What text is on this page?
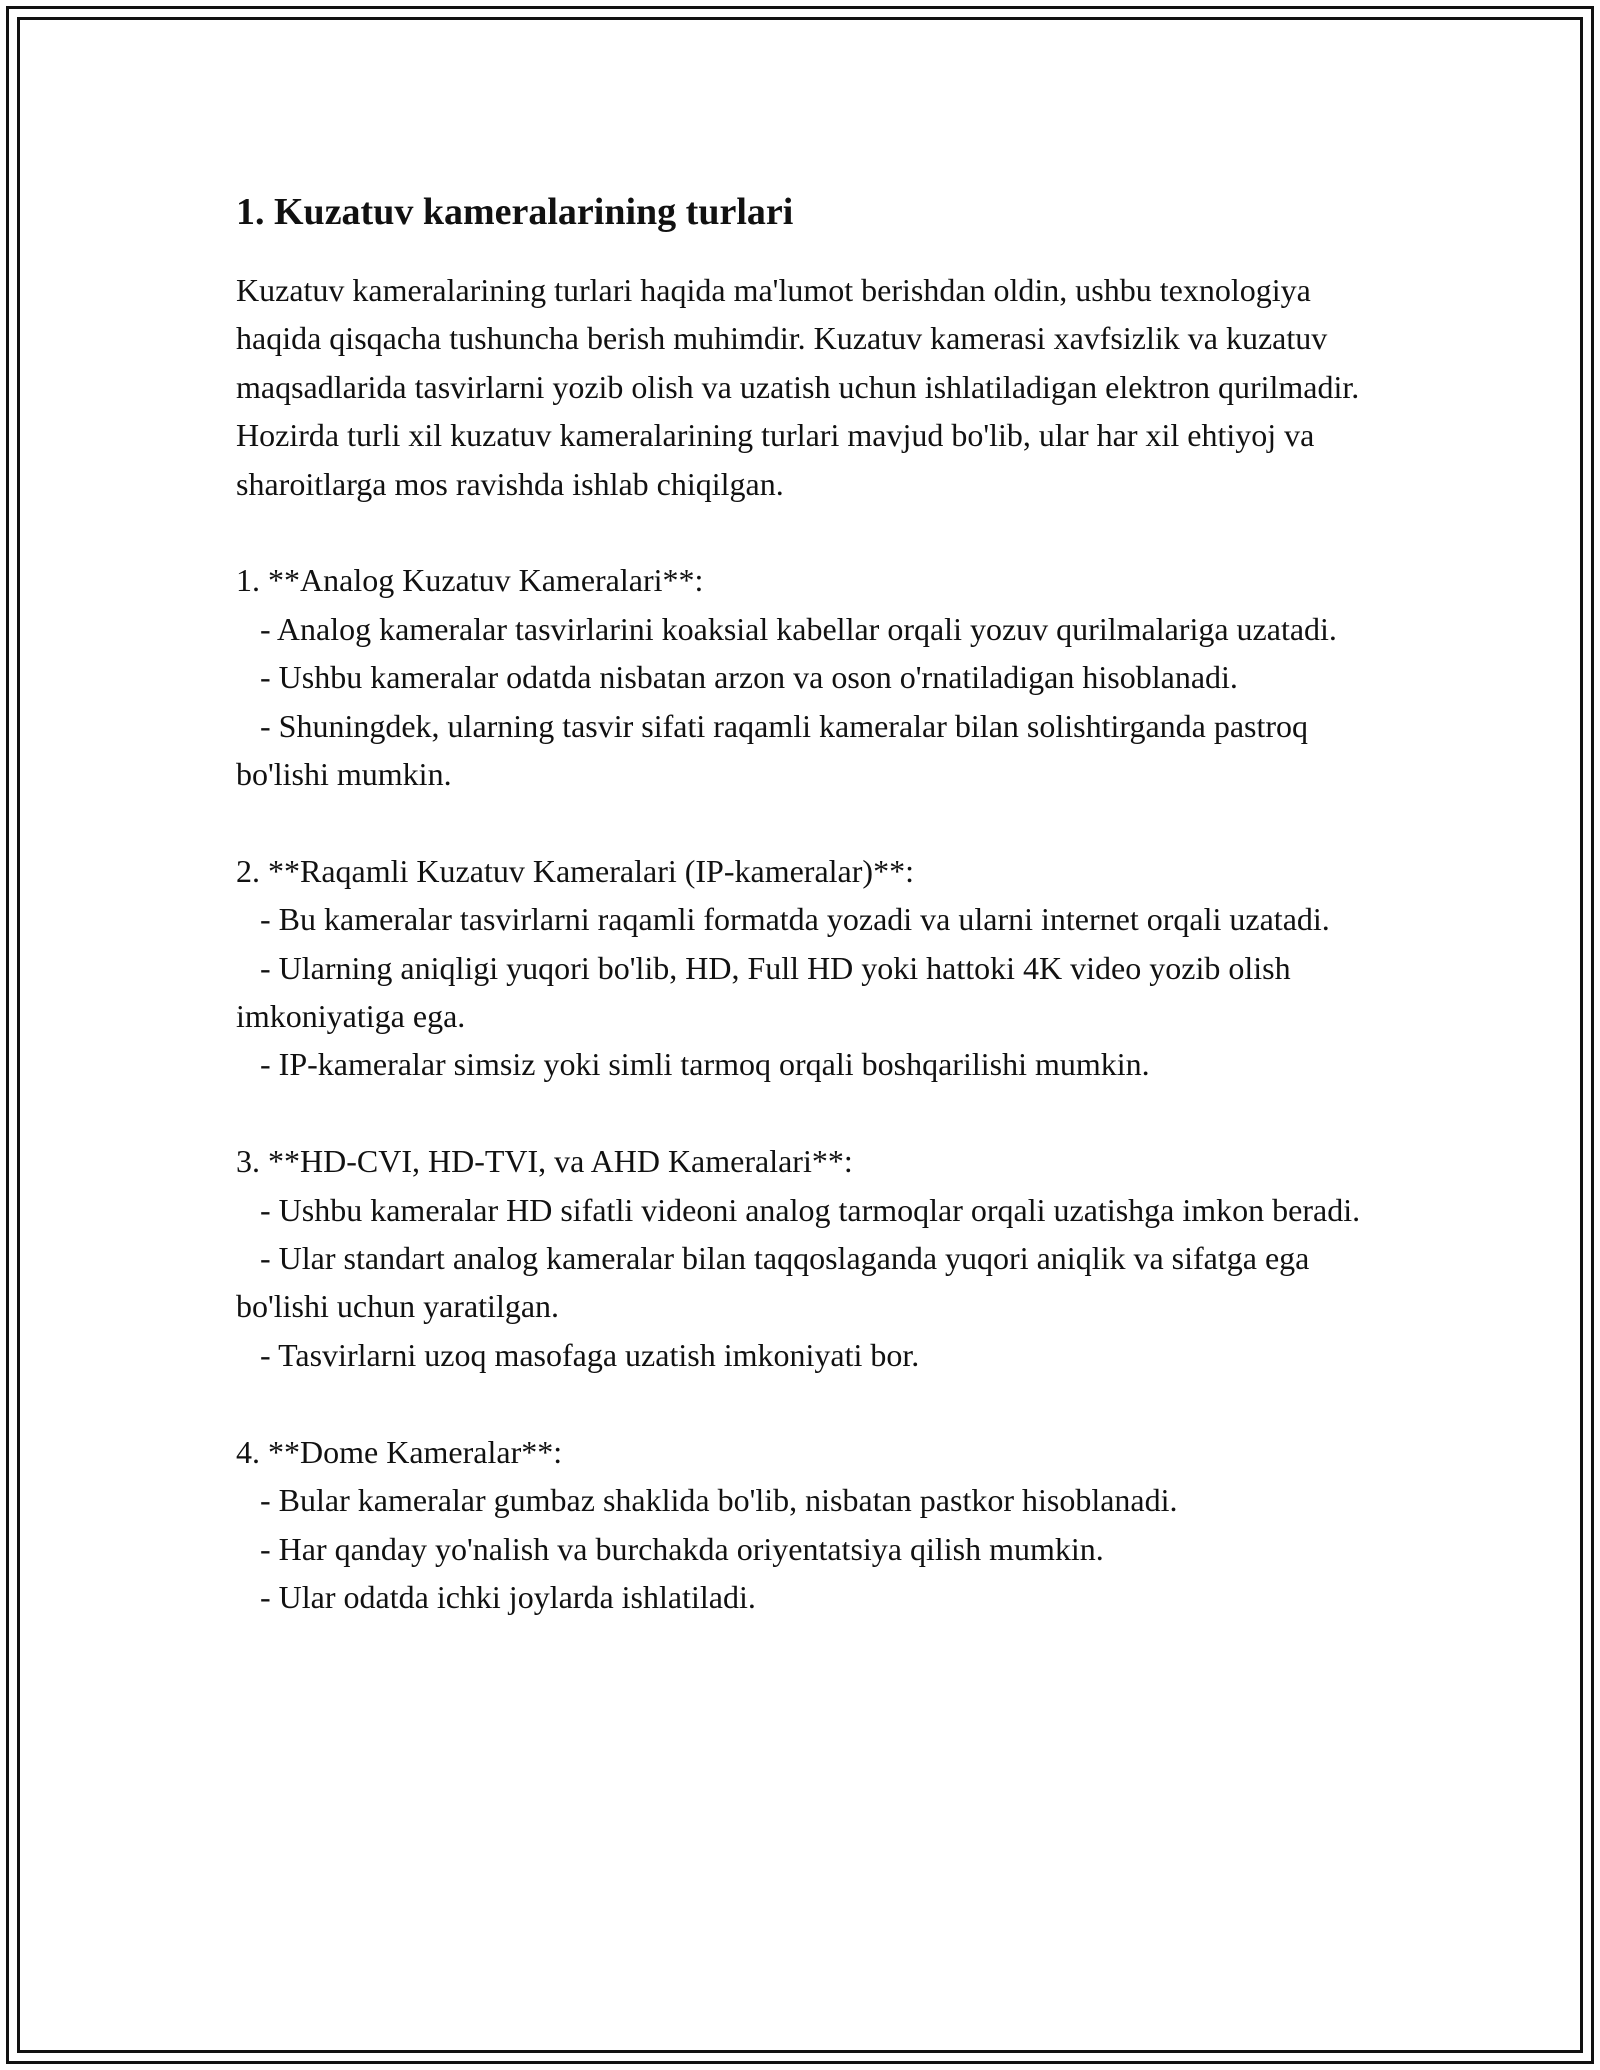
1. Kuzatuv kameralarining turlari

Kuzatuv kameralarining turlari haqida ma'lumot berishdan oldin, ushbu texnologiya haqida qisqacha tushuncha berish muhimdir. Kuzatuv kamerasi xavfsizlik va kuzatuv maqsadlarida tasvirlarni yozib olish va uzatish uchun ishlatiladigan elektron qurilmadir. Hozirda turli xil kuzatuv kameralarining turlari mavjud bo'lib, ular har xil ehtiyoj va sharoitlarga mos ravishda ishlab chiqilgan.

1. **Analog Kuzatuv Kameralari**:

- Analog kameralar tasvirlarini koaksial kabellar orqali yozuv qurilmalariga uzatadi.

- Ushbu kameralar odatda nisbatan arzon va oson o'rnatiladigan hisoblanadi.

- Shuningdek, ularning tasvir sifati raqamli kameralar bilan solishtirganda pastroq bo'lishi mumkin.

2. **Raqamli Kuzatuv Kameralari (IP-kameralar)**:

- Bu kameralar tasvirlarni raqamli formatda yozadi va ularni internet orqali uzatadi.

- Ularning aniqligi yuqori bo'lib, HD, Full HD yoki hattoki 4K video yozib olish imkoniyatiga ega.

- IP-kameralar simsiz yoki simli tarmoq orqali boshqarilishi mumkin.

3. **HD-CVI, HD-TVI, va AHD Kameralari**:

- Ushbu kameralar HD sifatli videoni analog tarmoqlar orqali uzatishga imkon beradi.

- Ular standart analog kameralar bilan taqqoslaganda yuqori aniqlik va sifatga ega bo'lishi uchun yaratilgan.

- Tasvirlarni uzoq masofaga uzatish imkoniyati bor.

4. **Dome Kameralar**:

- Bular kameralar gumbaz shaklida bo'lib, nisbatan pastkor hisoblanadi.

- Har qanday yo'nalish va burchakda oriyentatsiya qilish mumkin.

- Ular odatda ichki joylarda ishlatiladi.
